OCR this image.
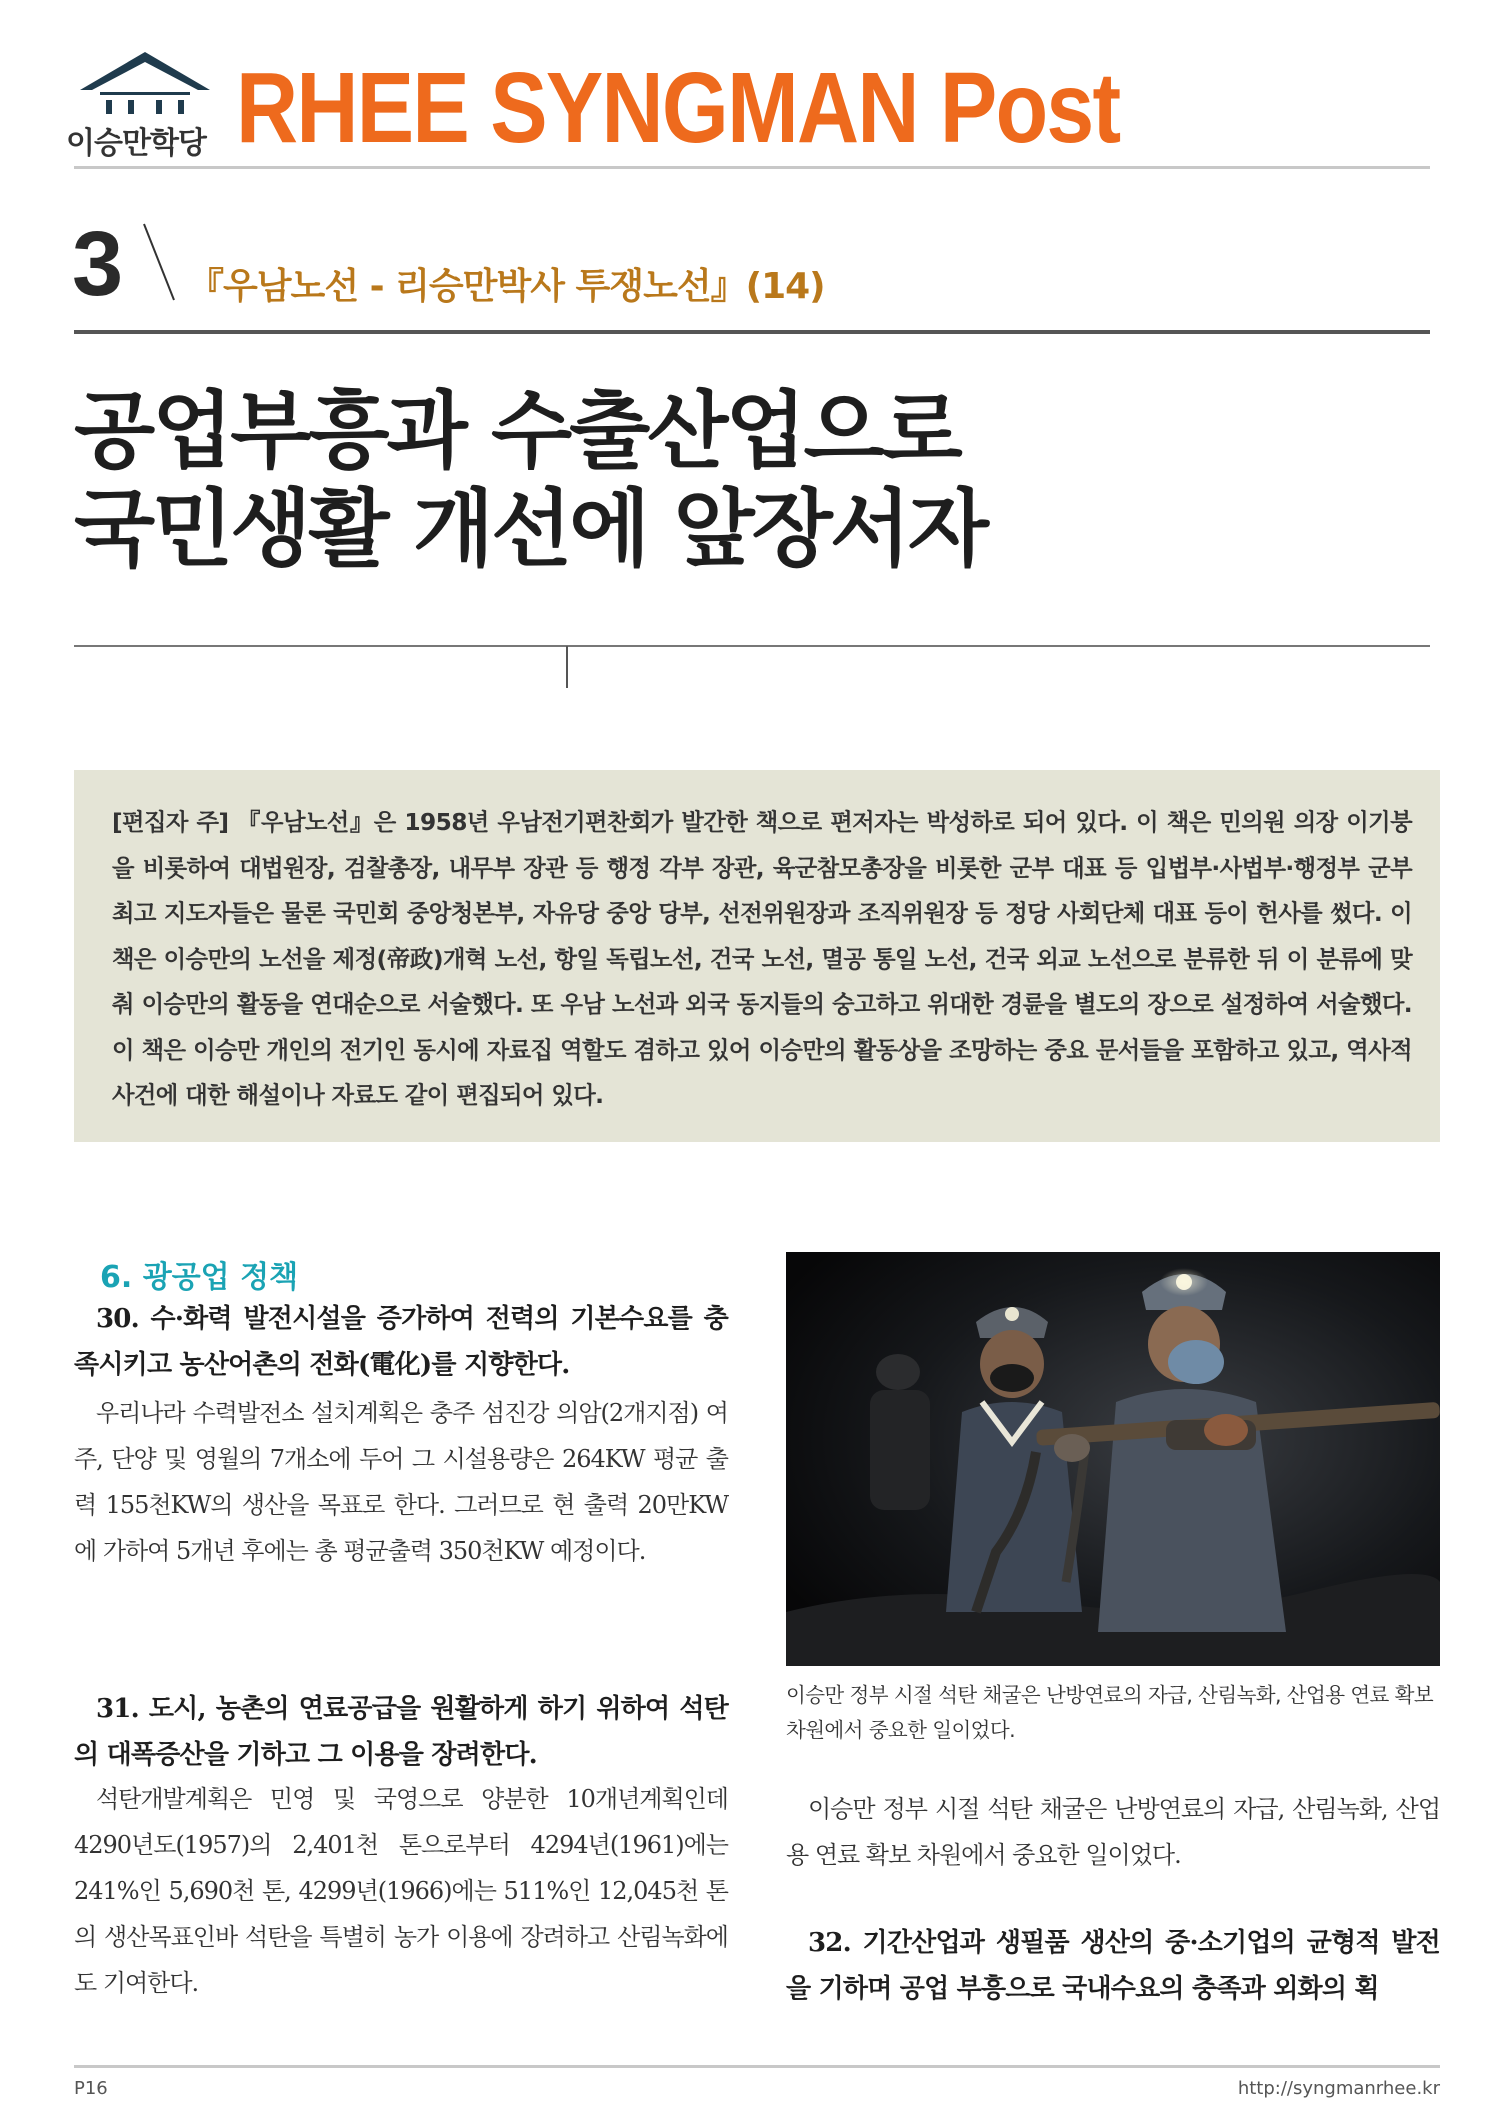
이승만학당 RHEE SYNGMAN Post
3 『우남노선 - 리승만박사 투쟁노선』(14)
공업부흥과 수출산업으로
국민생활 개선에 앞장서자
[편집자 주] 『우남노선』은 1958년 우남전기편찬회가 발간한 책으로 편저자는 박성하로 되어 있다. 이 책은 민의원 의장 이기붕을 비롯하여 대법원장, 검찰총장, 내무부 장관 등 행정 각부 장관, 육군참모총장을 비롯한 군부 대표 등 입법부·사법부·행정부 군부 최고 지도자들은 물론 국민회 중앙청본부, 자유당 중앙 당부, 선전위원장과 조직위원장 등 정당 사회단체 대표 등이 헌사를 썼다. 이 책은 이승만의 노선을 제정(帝政)개혁 노선, 항일 독립노선, 건국 노선, 멸공 통일 노선, 건국 외교 노선으로 분류한 뒤 이 분류에 맞춰 이승만의 활동을 연대순으로 서술했다. 또 우남 노선과 외국 동지들의 숭고하고 위대한 경륜을 별도의 장으로 설정하여 서술했다. 이 책은 이승만 개인의 전기인 동시에 자료집 역할도 겸하고 있어 이승만의 활동상을 조망하는 중요 문서들을 포함하고 있고, 역사적 사건에 대한 해설이나 자료도 같이 편집되어 있다.
6. 광공업 정책
30. 수·화력 발전시설을 증가하여 전력의 기본수요를 충족시키고 농산어촌의 전화(電化)를 지향한다.
우리나라 수력발전소 설치계획은 충주 섬진강 의암(2개지점) 여주, 단양 및 영월의 7개소에 두어 그 시설용량은 264KW 평균 출력 155천KW의 생산을 목표로 한다. 그러므로 현 출력 20만KW에 가하여 5개년 후에는 총 평균출력 350천KW 예정이다.
31. 도시, 농촌의 연료공급을 원활하게 하기 위하여 석탄의 대폭증산을 기하고 그 이용을 장려한다.
석탄개발계획은 민영 및 국영으로 양분한 10개년계획인데 4290년도(1957)의 2,401천 톤으로부터 4294년(1961)에는 241%인 5,690천 톤, 4299년(1966)에는 511%인 12,045천 톤의 생산목표인바 석탄을 특별히 농가 이용에 장려하고 산림녹화에도 기여한다.
이승만 정부 시절 석탄 채굴은 난방연료의 자급, 산림녹화, 산업용 연료 확보 차원에서 중요한 일이었다.
이승만 정부 시절 석탄 채굴은 난방연료의 자급, 산림녹화, 산업용 연료 확보 차원에서 중요한 일이었다.
32. 기간산업과 생필품 생산의 중·소기업의 균형적 발전을 기하며 공업 부흥으로 국내수요의 충족과 외화의 획
P16	http://syngmanrhee.kr
